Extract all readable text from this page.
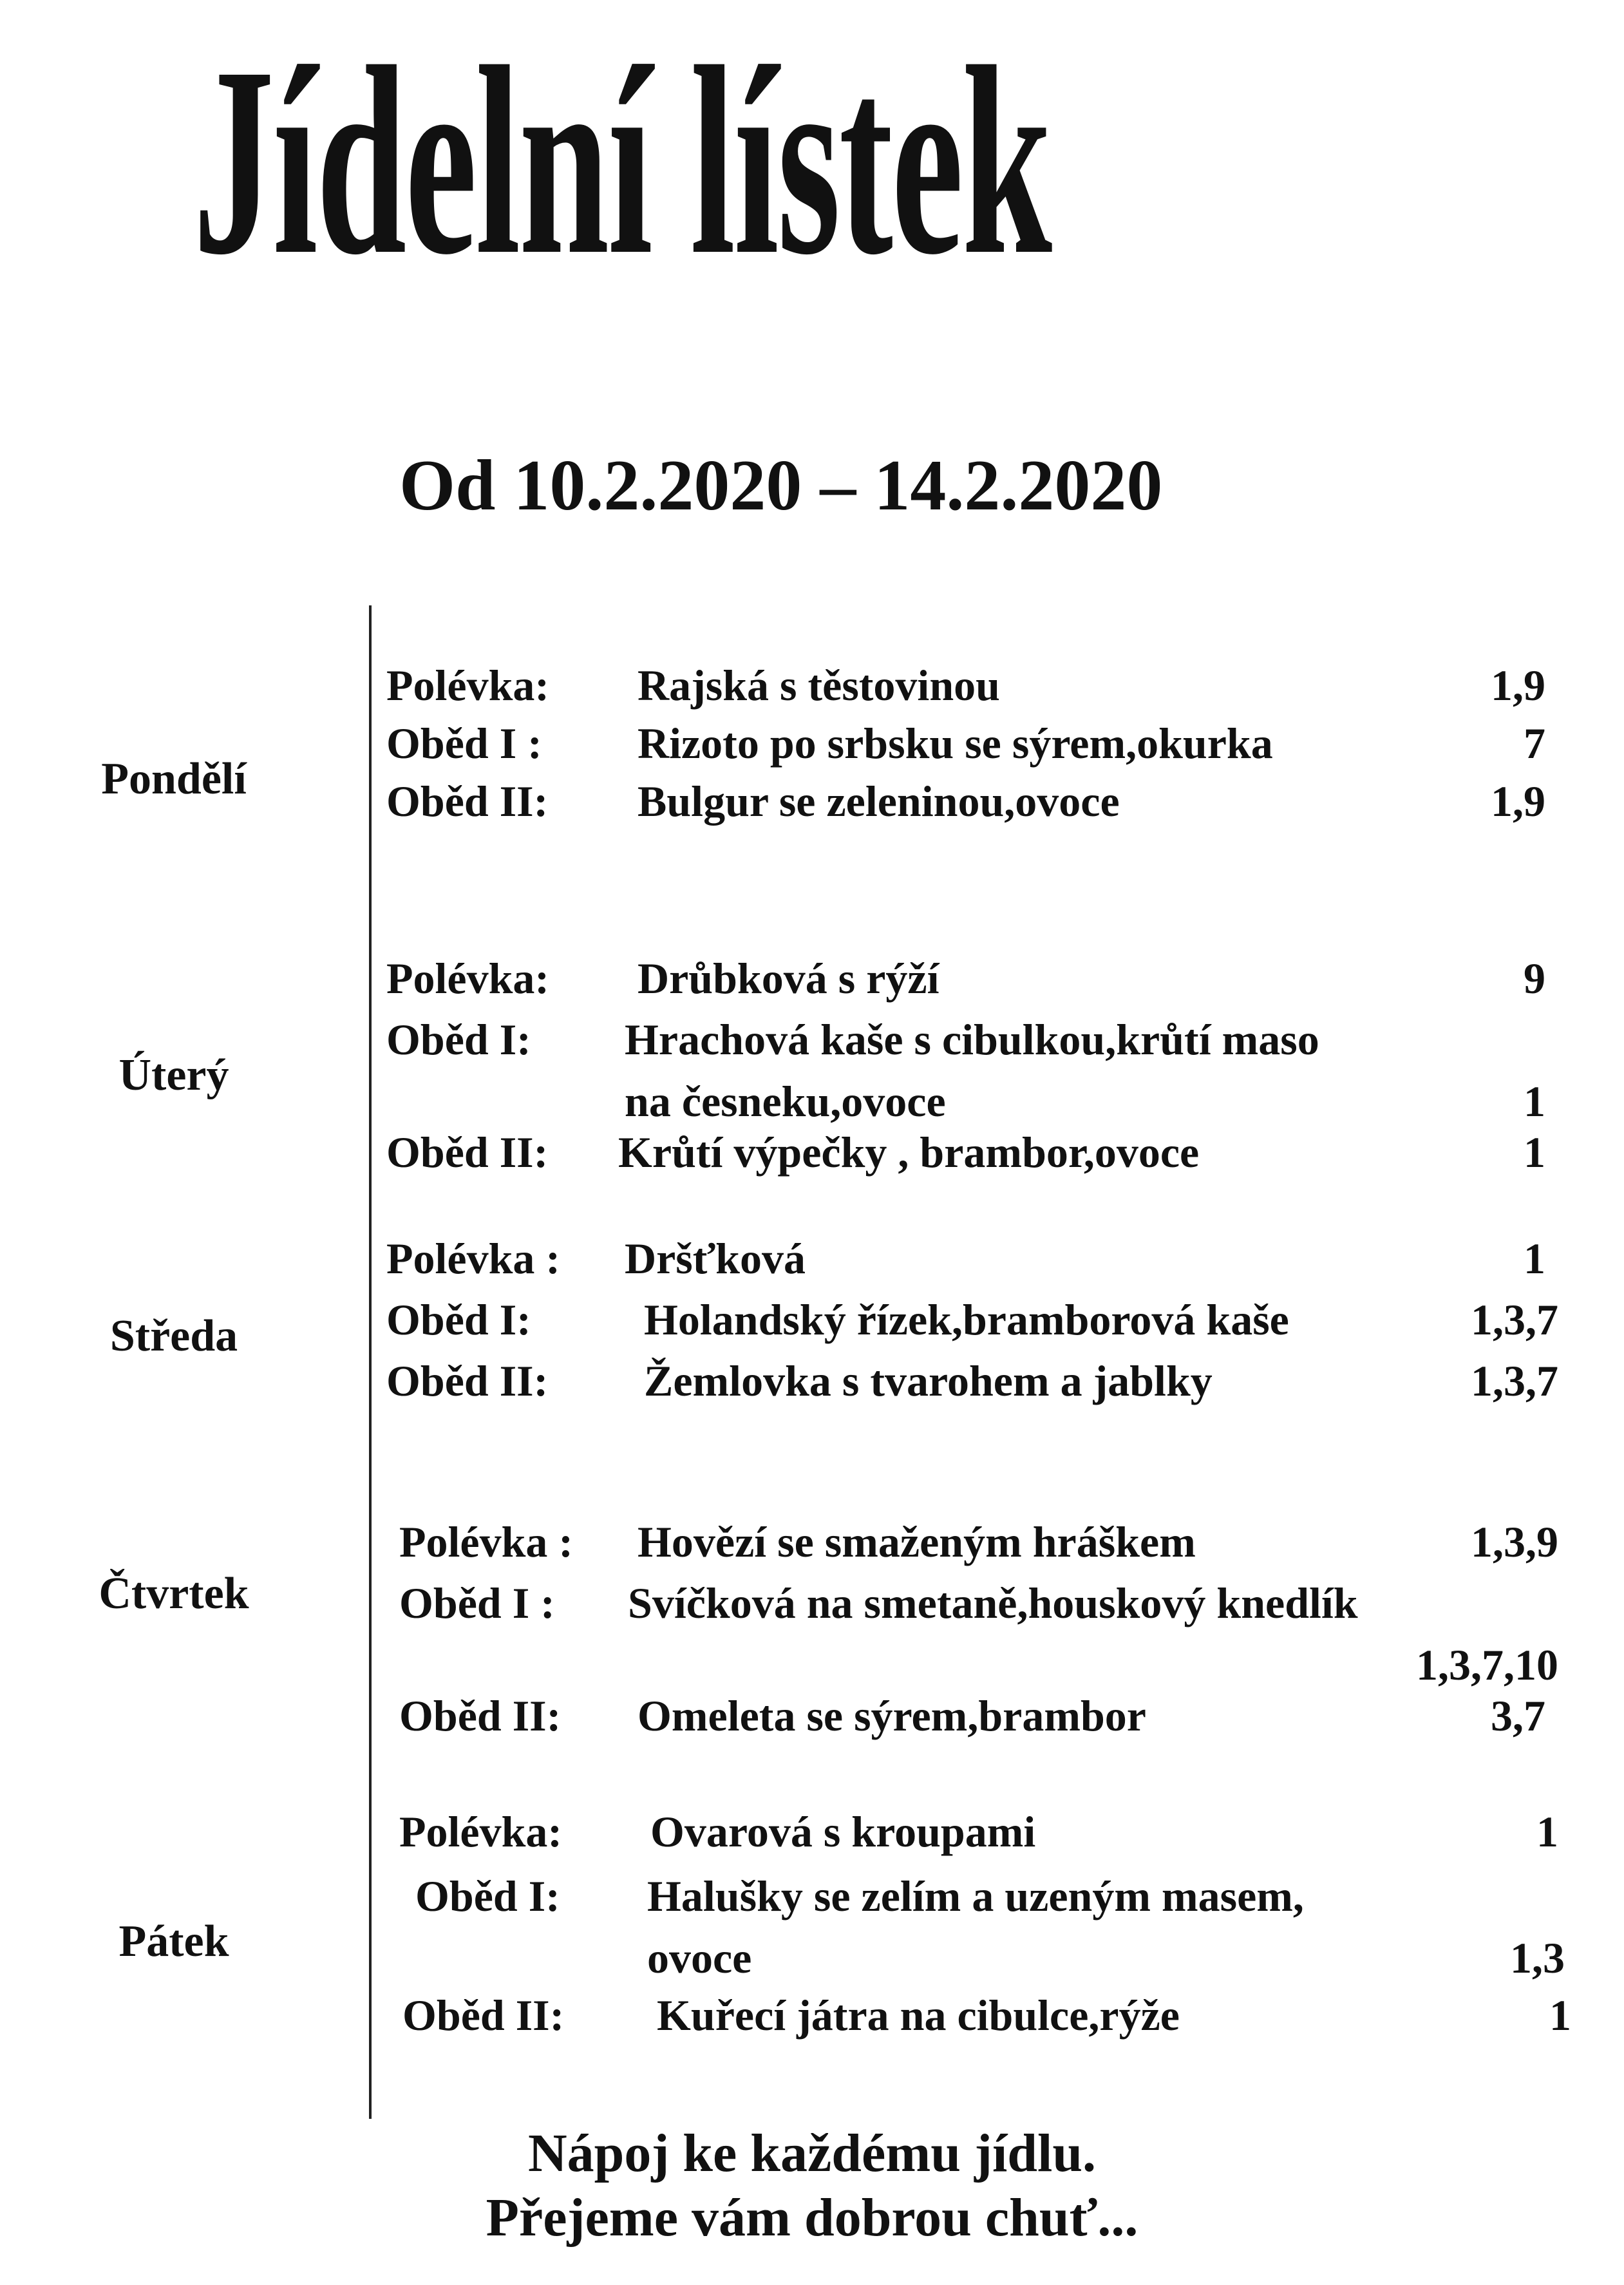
Jídelní lístek
Od 10.2.2020 – 14.2.2020
Pondělí
Polévka: Rajská s těstovinou	1,9
Oběd I : Rizoto po srbsku se sýrem,okurka	7
Oběd II: Bulgur se zeleninou,ovoce	1,9
Úterý
Polévka: Drůbková s rýží	9
Oběd I: Hrachová kaše s cibulkou,krůtí maso
na česneku,ovoce	1
Oběd II: Krůtí výpečky , brambor,ovoce	1
Středa
Polévka : Dršťková	1
Oběd I:	Holandský řízek,bramborová kaše	1,3,7
Oběd II: Žemlovka s tvarohem a jablky	1,3,7
Čtvrtek
Polévka : Hovězí se smaženým hráškem	1,3,9
Oběd I : Svíčková na smetaně,houskový knedlík
1,3,7,10
Oběd II: Omeleta se sýrem,brambor	3,7
Pátek
Polévka: Ovarová s kroupami	1
Oběd I: Halušky se zelím a uzeným masem,
ovoce	1,3
Oběd II: Kuřecí játra na cibulce,rýže	1
Nápoj ke každému jídlu.
Přejeme vám dobrou chuť...
